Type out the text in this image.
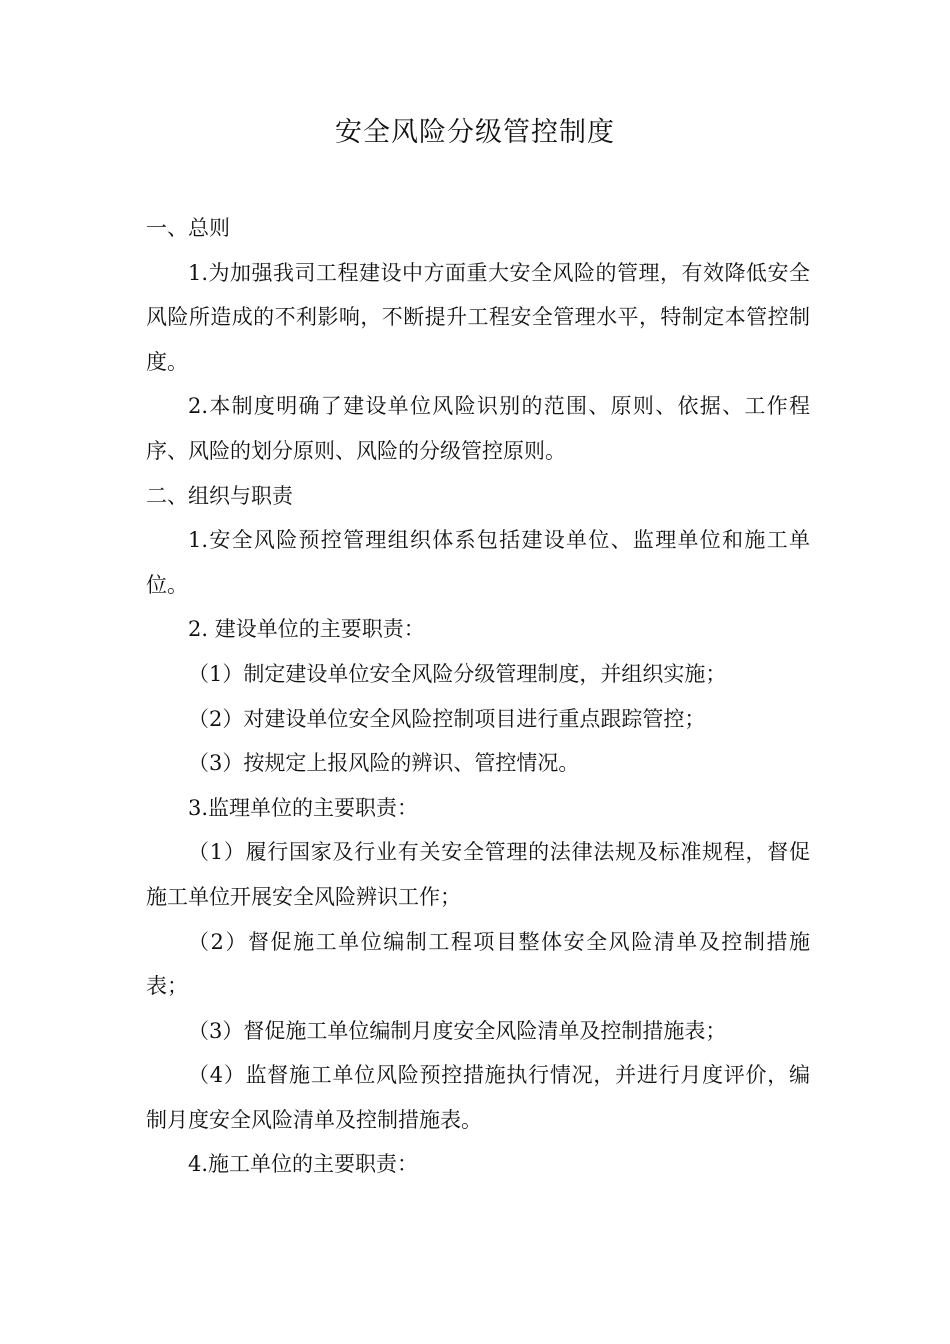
安全风险分级管控制度

一、总则

1.为加强我司工程建设中方面重大安全风险的管理，有效降低安全风险所造成的不利影响，不断提升工程安全管理水平，特制定本管控制度。

2.本制度明确了建设单位风险识别的范围、原则、依据、工作程序、风险的划分原则、风险的分级管控原则。

二、组织与职责

1.安全风险预控管理组织体系包括建设单位、监理单位和施工单位。

2. 建设单位的主要职责：

（1）制定建设单位安全风险分级管理制度，并组织实施；

（2）对建设单位安全风险控制项目进行重点跟踪管控；

（3）按规定上报风险的辨识、管控情况。

3.监理单位的主要职责：

（1）履行国家及行业有关安全管理的法律法规及标准规程，督促施工单位开展安全风险辨识工作；

（2）督促施工单位编制工程项目整体安全风险清单及控制措施表；

（3）督促施工单位编制月度安全风险清单及控制措施表；

（4）监督施工单位风险预控措施执行情况，并进行月度评价，编制月度安全风险清单及控制措施表。

4.施工单位的主要职责：
